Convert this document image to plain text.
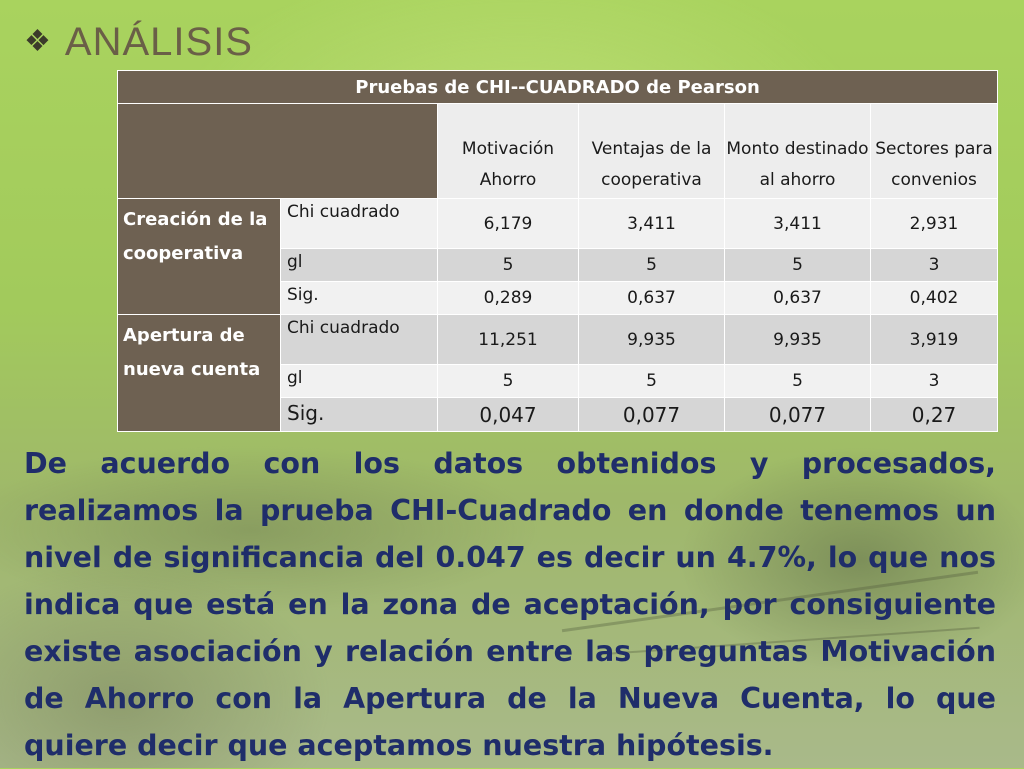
❖ ANÁLISIS
Pruebas de CHI--CUADRADO de Pearson					
		Motivación Ahorro	Ventajas de la cooperativa	Monto destinado al ahorro	Sectores para convenios
Creación de la cooperativa	Chi cuadrado	6,179	3,411	3,411	2,931
	gl	5	5	5	3
	Sig.	0,289	0,637	0,637	0,402
Apertura de nueva cuenta	Chi cuadrado	11,251	9,935	9,935	3,919
	gl	5	5	5	3
	Sig.	0,047	0,077	0,077	0,27

De acuerdo con los datos obtenidos y procesados, realizamos la prueba CHI-Cuadrado en donde tenemos un nivel de significancia del 0.047 es decir un 4.7%, lo que nos indica que está en la zona de aceptación, por consiguiente existe asociación y relación entre las preguntas Motivación de Ahorro con la Apertura de la Nueva Cuenta, lo que quiere decir que aceptamos nuestra hipótesis.
